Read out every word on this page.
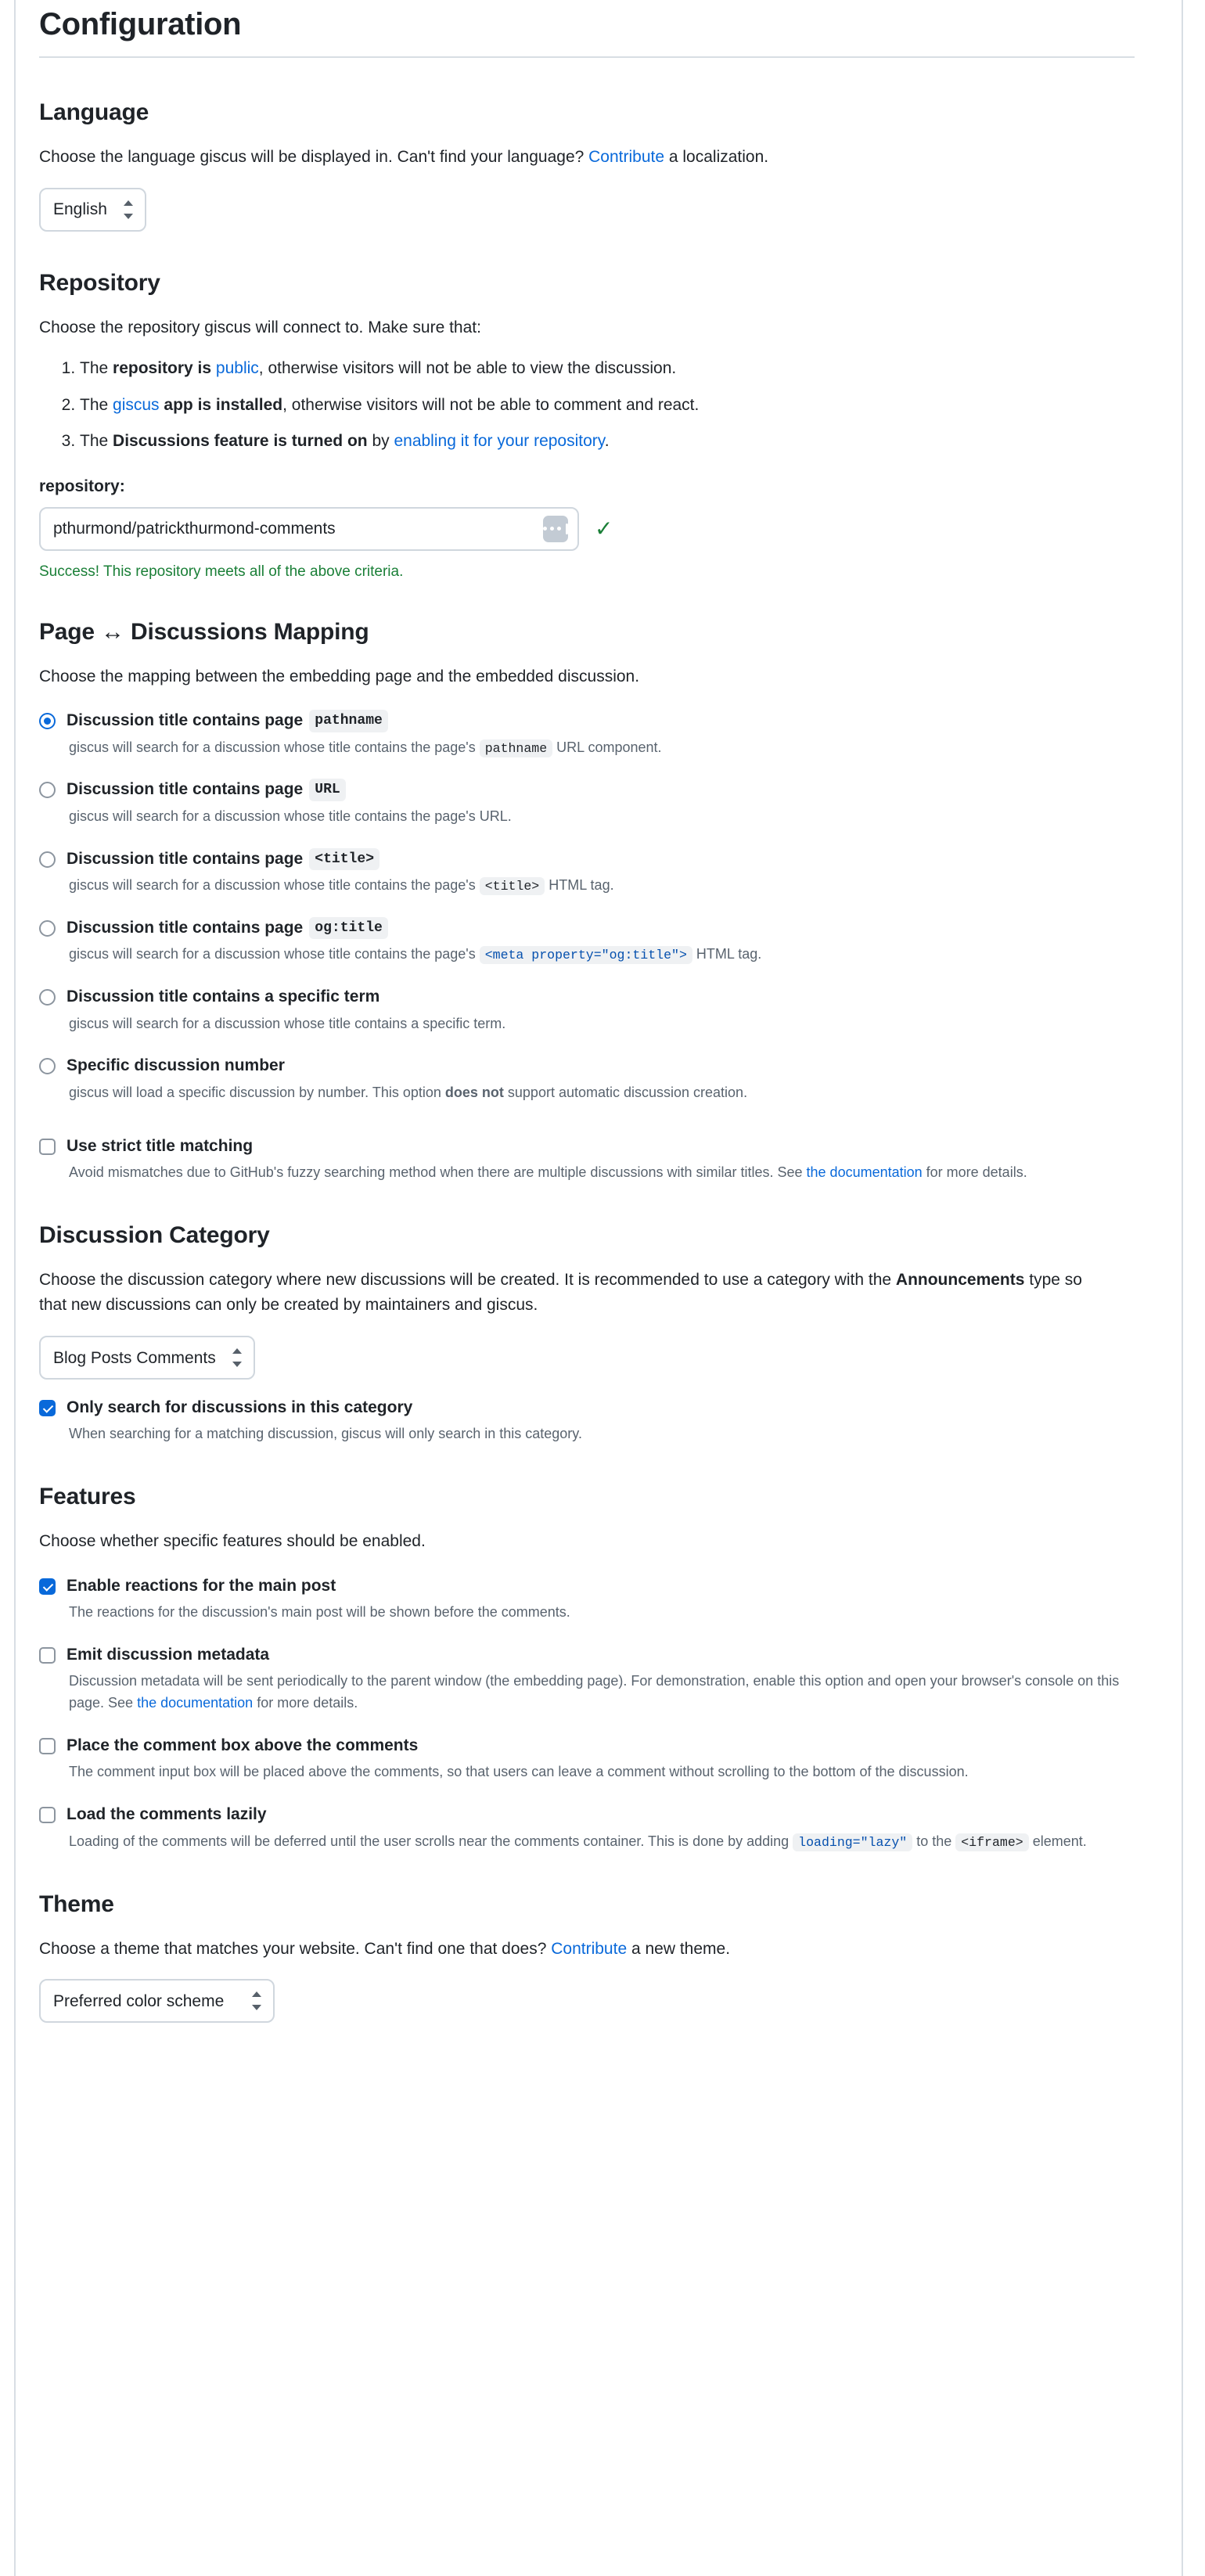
Configuration
Language

Choose the language giscus will be displayed in. Can't find your language? Contribute a localization.

English
Repository

Choose the repository giscus will connect to. Make sure that:

1. The repository is public, otherwise visitors will not be able to view the discussion.
2. The giscus app is installed, otherwise visitors will not be able to comment and react.
3. The Discussions feature is turned on by enabling it for your repository.
repository:
pthurmond/patrickthurmond-comments	✓
Success! This repository meets all of the above criteria.
Page ↔ Discussions Mapping

Choose the mapping between the embedding page and the embedded discussion.

Discussion title contains page pathname
giscus will search for a discussion whose title contains the page's pathname URL component.
Discussion title contains page URL
giscus will search for a discussion whose title contains the page's URL.
Discussion title contains page <title>
giscus will search for a discussion whose title contains the page's <title> HTML tag.
Discussion title contains page og:title
giscus will search for a discussion whose title contains the page's <meta property="og:title"> HTML tag.
Discussion title contains a specific term
giscus will search for a discussion whose title contains a specific term.
Specific discussion number
giscus will load a specific discussion by number. This option does not support automatic discussion creation.
Use strict title matching
Avoid mismatches due to GitHub's fuzzy searching method when there are multiple discussions with similar titles. See the documentation for more details.
Discussion Category

Choose the discussion category where new discussions will be created. It is recommended to use a category with the Announcements type so that new discussions can only be created by maintainers and giscus.

Blog Posts Comments
Only search for discussions in this category
When searching for a matching discussion, giscus will only search in this category.
Features

Choose whether specific features should be enabled.

Enable reactions for the main post
The reactions for the discussion's main post will be shown before the comments.
Emit discussion metadata
Discussion metadata will be sent periodically to the parent window (the embedding page). For demonstration, enable this option and open your browser's console on this page. See the documentation for more details.
Place the comment box above the comments
The comment input box will be placed above the comments, so that users can leave a comment without scrolling to the bottom of the discussion.
Load the comments lazily
Loading of the comments will be deferred until the user scrolls near the comments container. This is done by adding loading="lazy" to the <iframe> element.
Theme

Choose a theme that matches your website. Can't find one that does? Contribute a new theme.

Preferred color scheme
